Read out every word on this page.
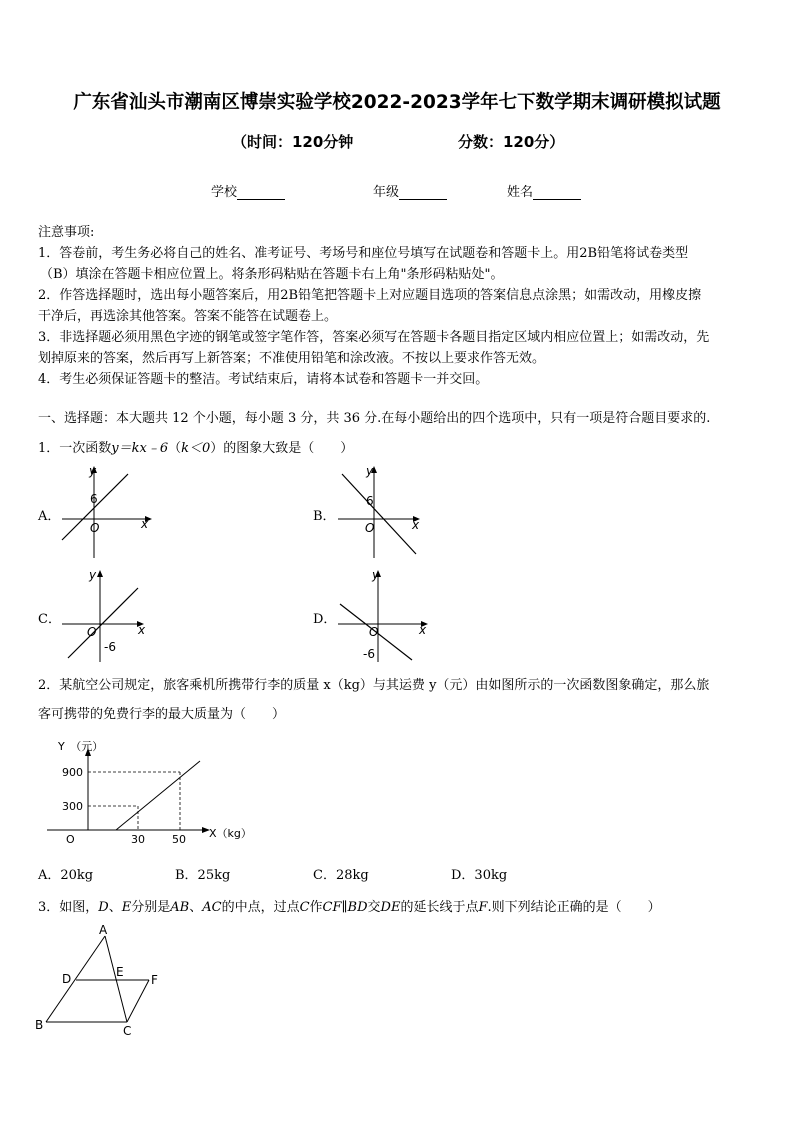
广东省汕头市潮南区博崇实验学校2022-2023学年七下数学期末调研模拟试题
（时间：120分钟	分数：120分）
学校	年级	姓名

注意事项:

1．答卷前，考生务必将自己的姓名、准考证号、考场号和座位号填写在试题卷和答题卡上。用2B铅笔将试卷类型

（B）填涂在答题卡相应位置上。将条形码粘贴在答题卡右上角"条形码粘贴处"。

2．作答选择题时，选出每小题答案后，用2B铅笔把答题卡上对应题目选项的答案信息点涂黑；如需改动，用橡皮擦

干净后，再选涂其他答案。答案不能答在试题卷上。

3．非选择题必须用黑色字迹的钢笔或签字笔作答，答案必须写在答题卡各题目指定区域内相应位置上；如需改动，先

划掉原来的答案，然后再写上新答案；不准使用铅笔和涂改液。不按以上要求作答无效。

4．考生必须保证答题卡的整洁。考试结束后，请将本试卷和答题卡一并交回。

一、选择题：本大题共 12 个小题，每小题 3 分，共 36 分.在每小题给出的四个选项中，只有一项是符合题目要求的.
1．一次函数y＝kx﹣6（k＜0）的图象大致是（　　）
A．	B．
C．	D．
y
x
O
6
y
x
O
6
y
x
O
-6
y
x
O
-6
2．某航空公司规定，旅客乘机所携带行李的质量 x（kg）与其运费 y（元）由如图所示的一次函数图象确定，那么旅
客可携带的免费行李的最大质量为（　　）
Y　（元）
900
300
O	30 50 X（kg）
A．20kg	B．25kg	C．28kg	D．30kg
3．如图，D、E分别是AB、AC的中点，过点C作CF∥BD交DE的延长线于点F.则下列结论正确的是（　　）
A
B	C
D	E
F
